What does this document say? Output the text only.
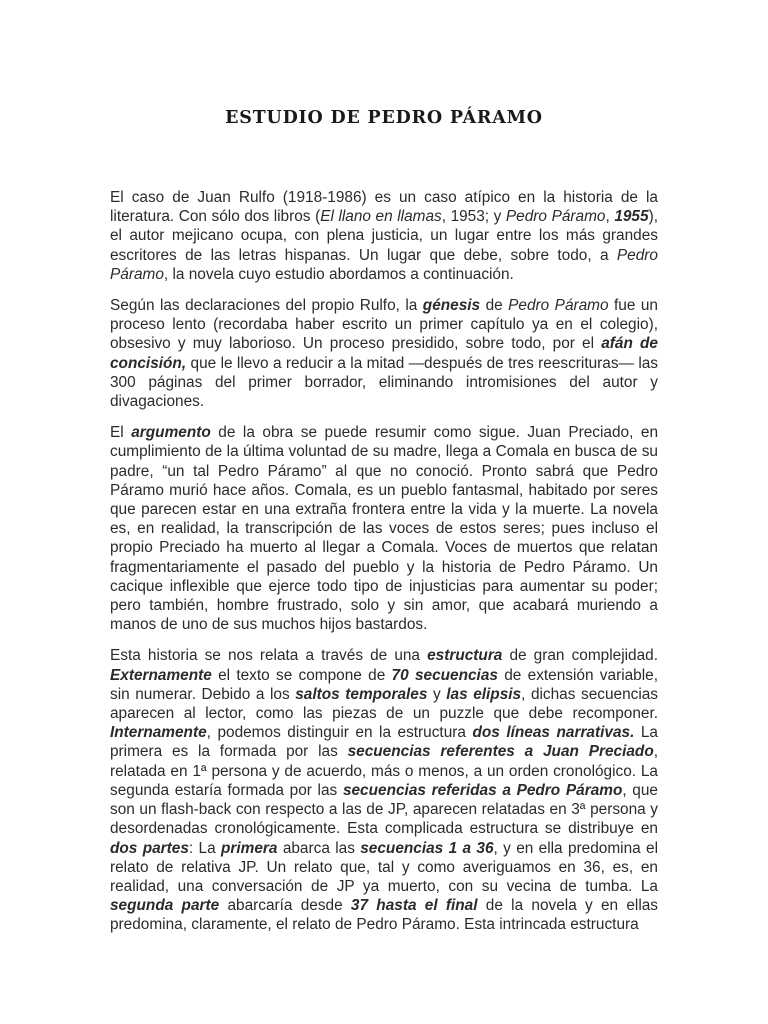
ESTUDIO DE PEDRO PÁRAMO

El caso de Juan Rulfo (1918-1986) es un caso atípico en la historia de la literatura. Con sólo dos libros (El llano en llamas, 1953; y Pedro Páramo, 1955), el autor mejicano ocupa, con plena justicia, un lugar entre los más grandes escritores de las letras hispanas. Un lugar que debe, sobre todo, a Pedro Páramo, la novela cuyo estudio abordamos a continuación.

Según las declaraciones del propio Rulfo, la génesis de Pedro Páramo fue un proceso lento (recordaba haber escrito un primer capítulo ya en el colegio), obsesivo y muy laborioso. Un proceso presidido, sobre todo, por el afán de concisión, que le llevo a reducir a la mitad —después de tres reescrituras— las 300 páginas del primer borrador, eliminando intromisiones del autor y divagaciones.

El argumento de la obra se puede resumir como sigue. Juan Preciado, en cumplimiento de la última voluntad de su madre, llega a Comala en busca de su padre, “un tal Pedro Páramo” al que no conoció. Pronto sabrá que Pedro Páramo murió hace años. Comala, es un pueblo fantasmal, habitado por seres que parecen estar en una extraña frontera entre la vida y la muerte. La novela es, en realidad, la transcripción de las voces de estos seres; pues incluso el propio Preciado ha muerto al llegar a Comala. Voces de muertos que relatan fragmentariamente el pasado del pueblo y la historia de Pedro Páramo. Un cacique inflexible que ejerce todo tipo de injusticias para aumentar su poder; pero también, hombre frustrado, solo y sin amor, que acabará muriendo a manos de uno de sus muchos hijos bastardos.

Esta historia se nos relata a través de una estructura de gran complejidad. Externamente el texto se compone de 70 secuencias de extensión variable, sin numerar. Debido a los saltos temporales y las elipsis, dichas secuencias aparecen al lector, como las piezas de un puzzle que debe recomponer. Internamente, podemos distinguir en la estructura dos líneas narrativas. La primera es la formada por las secuencias referentes a Juan Preciado, relatada en 1ª persona y de acuerdo, más o menos, a un orden cronológico. La segunda estaría formada por las secuencias referidas a Pedro Páramo, que son un flash-back con respecto a las de JP, aparecen relatadas en 3ª persona y desordenadas cronológicamente. Esta complicada estructura se distribuye en dos partes: La primera abarca las secuencias 1 a 36, y en ella predomina el relato de relativa JP. Un relato que, tal y como averiguamos en 36, es, en realidad, una conversación de JP ya muerto, con su vecina de tumba. La segunda parte abarcaría desde 37 hasta el final de la novela y en ellas predomina, claramente, el relato de Pedro Páramo. Esta intrincada estructura
